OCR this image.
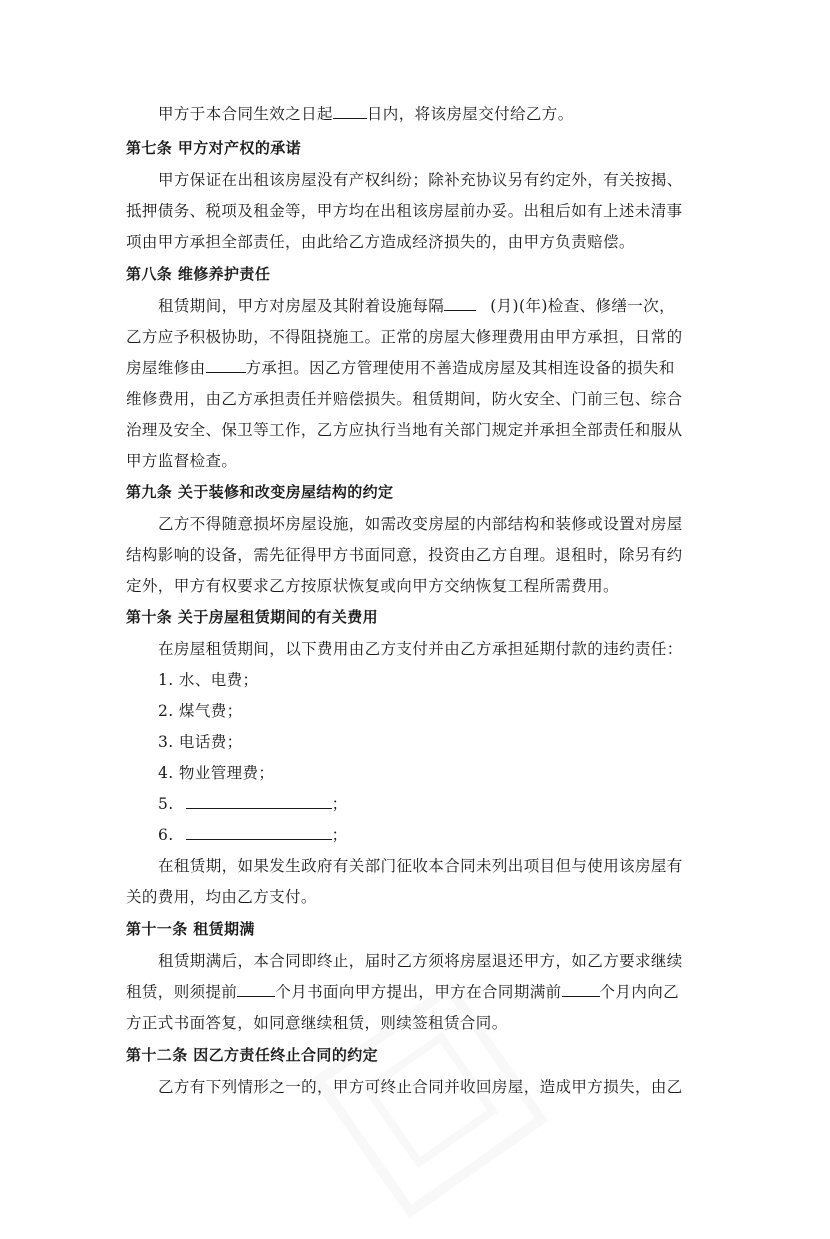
甲方于本合同生效之日起 日内，将该房屋交付给乙方。
第七条 甲方对产权的承诺
甲方保证在出租该房屋没有产权纠纷；除补充协议另有约定外，有关按揭、
抵押债务、税项及租金等，甲方均在出租该房屋前办妥。出租后如有上述未清事
项由甲方承担全部责任，由此给乙方造成经济损失的，由甲方负责赔偿。
第八条 维修养护责任
租赁期间，甲方对房屋及其附着设施每隔	(月)(年)检查、修缮一次，
乙方应予积极协助，不得阻挠施工。正常的房屋大修理费用由甲方承担，日常的
房屋维修由	方承担。因乙方管理使用不善造成房屋及其相连设备的损失和
维修费用，由乙方承担责任并赔偿损失。租赁期间，防火安全、门前三包、综合
治理及安全、保卫等工作，乙方应执行当地有关部门规定并承担全部责任和服从
甲方监督检查。
第九条 关于装修和改变房屋结构的约定
乙方不得随意损坏房屋设施，如需改变房屋的内部结构和装修或设置对房屋
结构影响的设备，需先征得甲方书面同意，投资由乙方自理。退租时，除另有约
定外，甲方有权要求乙方按原状恢复或向甲方交纳恢复工程所需费用。
第十条 关于房屋租赁期间的有关费用
在房屋租赁期间，以下费用由乙方支付并由乙方承担延期付款的违约责任：
1. 水、电费；
2. 煤气费；
3. 电话费；
4. 物业管理费；
5.	；
6.	；
在租赁期，如果发生政府有关部门征收本合同未列出项目但与使用该房屋有
关的费用，均由乙方支付。
第十一条 租赁期满
租赁期满后，本合同即终止，届时乙方须将房屋退还甲方，如乙方要求继续
租赁，则须提前 个月书面向甲方提出，甲方在合同期满前 个月内向乙
方正式书面答复，如同意继续租赁，则续签租赁合同。
第十二条 因乙方责任终止合同的约定
乙方有下列情形之一的，甲方可终止合同并收回房屋，造成甲方损失，由乙
